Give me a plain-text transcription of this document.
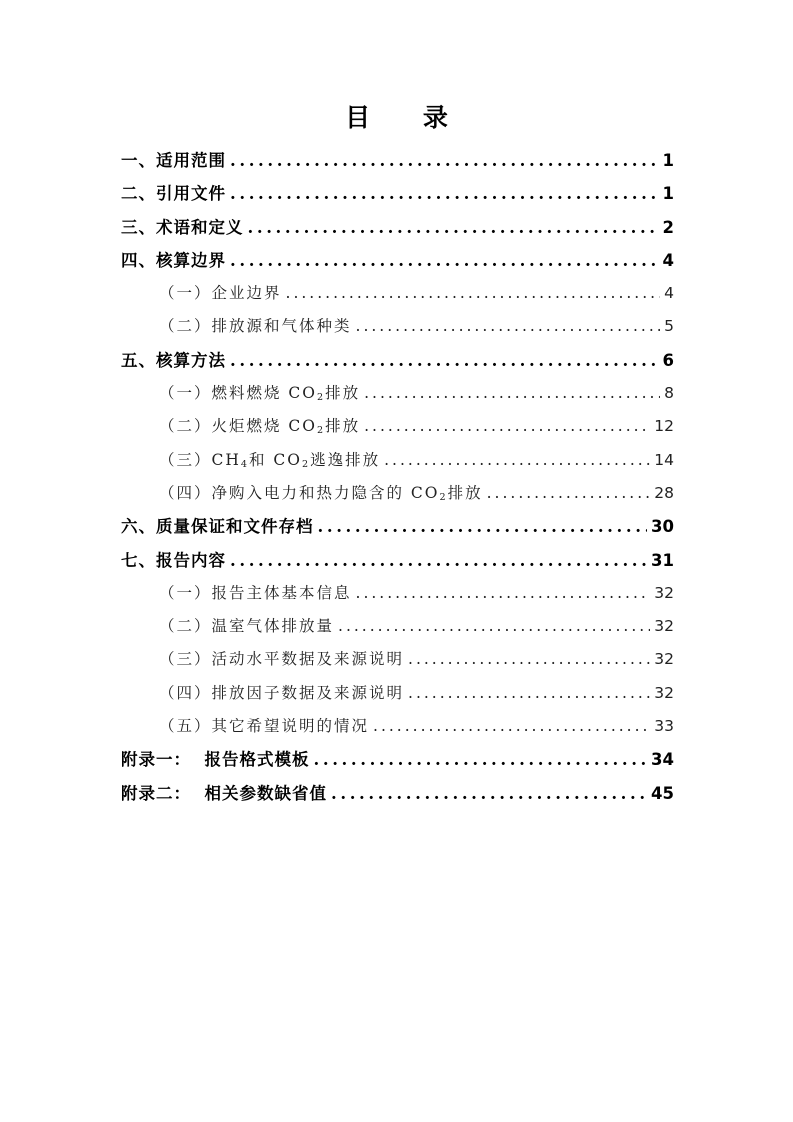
目 录
一、适用范围 .....	1
二、引用文件 .....	1
三、术语和定义 .....	2
四、核算边界 .....	4
（一）企业边界 .....	4
（二）排放源和气体种类 .....	5
五、核算方法 .....	6
（一）燃料燃烧 $CO_2$排放 .....	8
（二）火炬燃烧 $CO_2$排放 .....	12
（三）$CH_4$和 $CO_2$逃逸排放 .....	14
（四）净购入电力和热力隐含的 $CO_2$排放 .....	28
六、质量保证和文件存档 .....	30
七、报告内容 .....	31
（一）报告主体基本信息 .....	32
（二）温室气体排放量 .....	32
（三）活动水平数据及来源说明 .....	32
（四）排放因子数据及来源说明 .....	32
（五）其它希望说明的情况 .....	33
附录一：  报告格式模板 .....	34
附录二：  相关参数缺省值 .....	45
